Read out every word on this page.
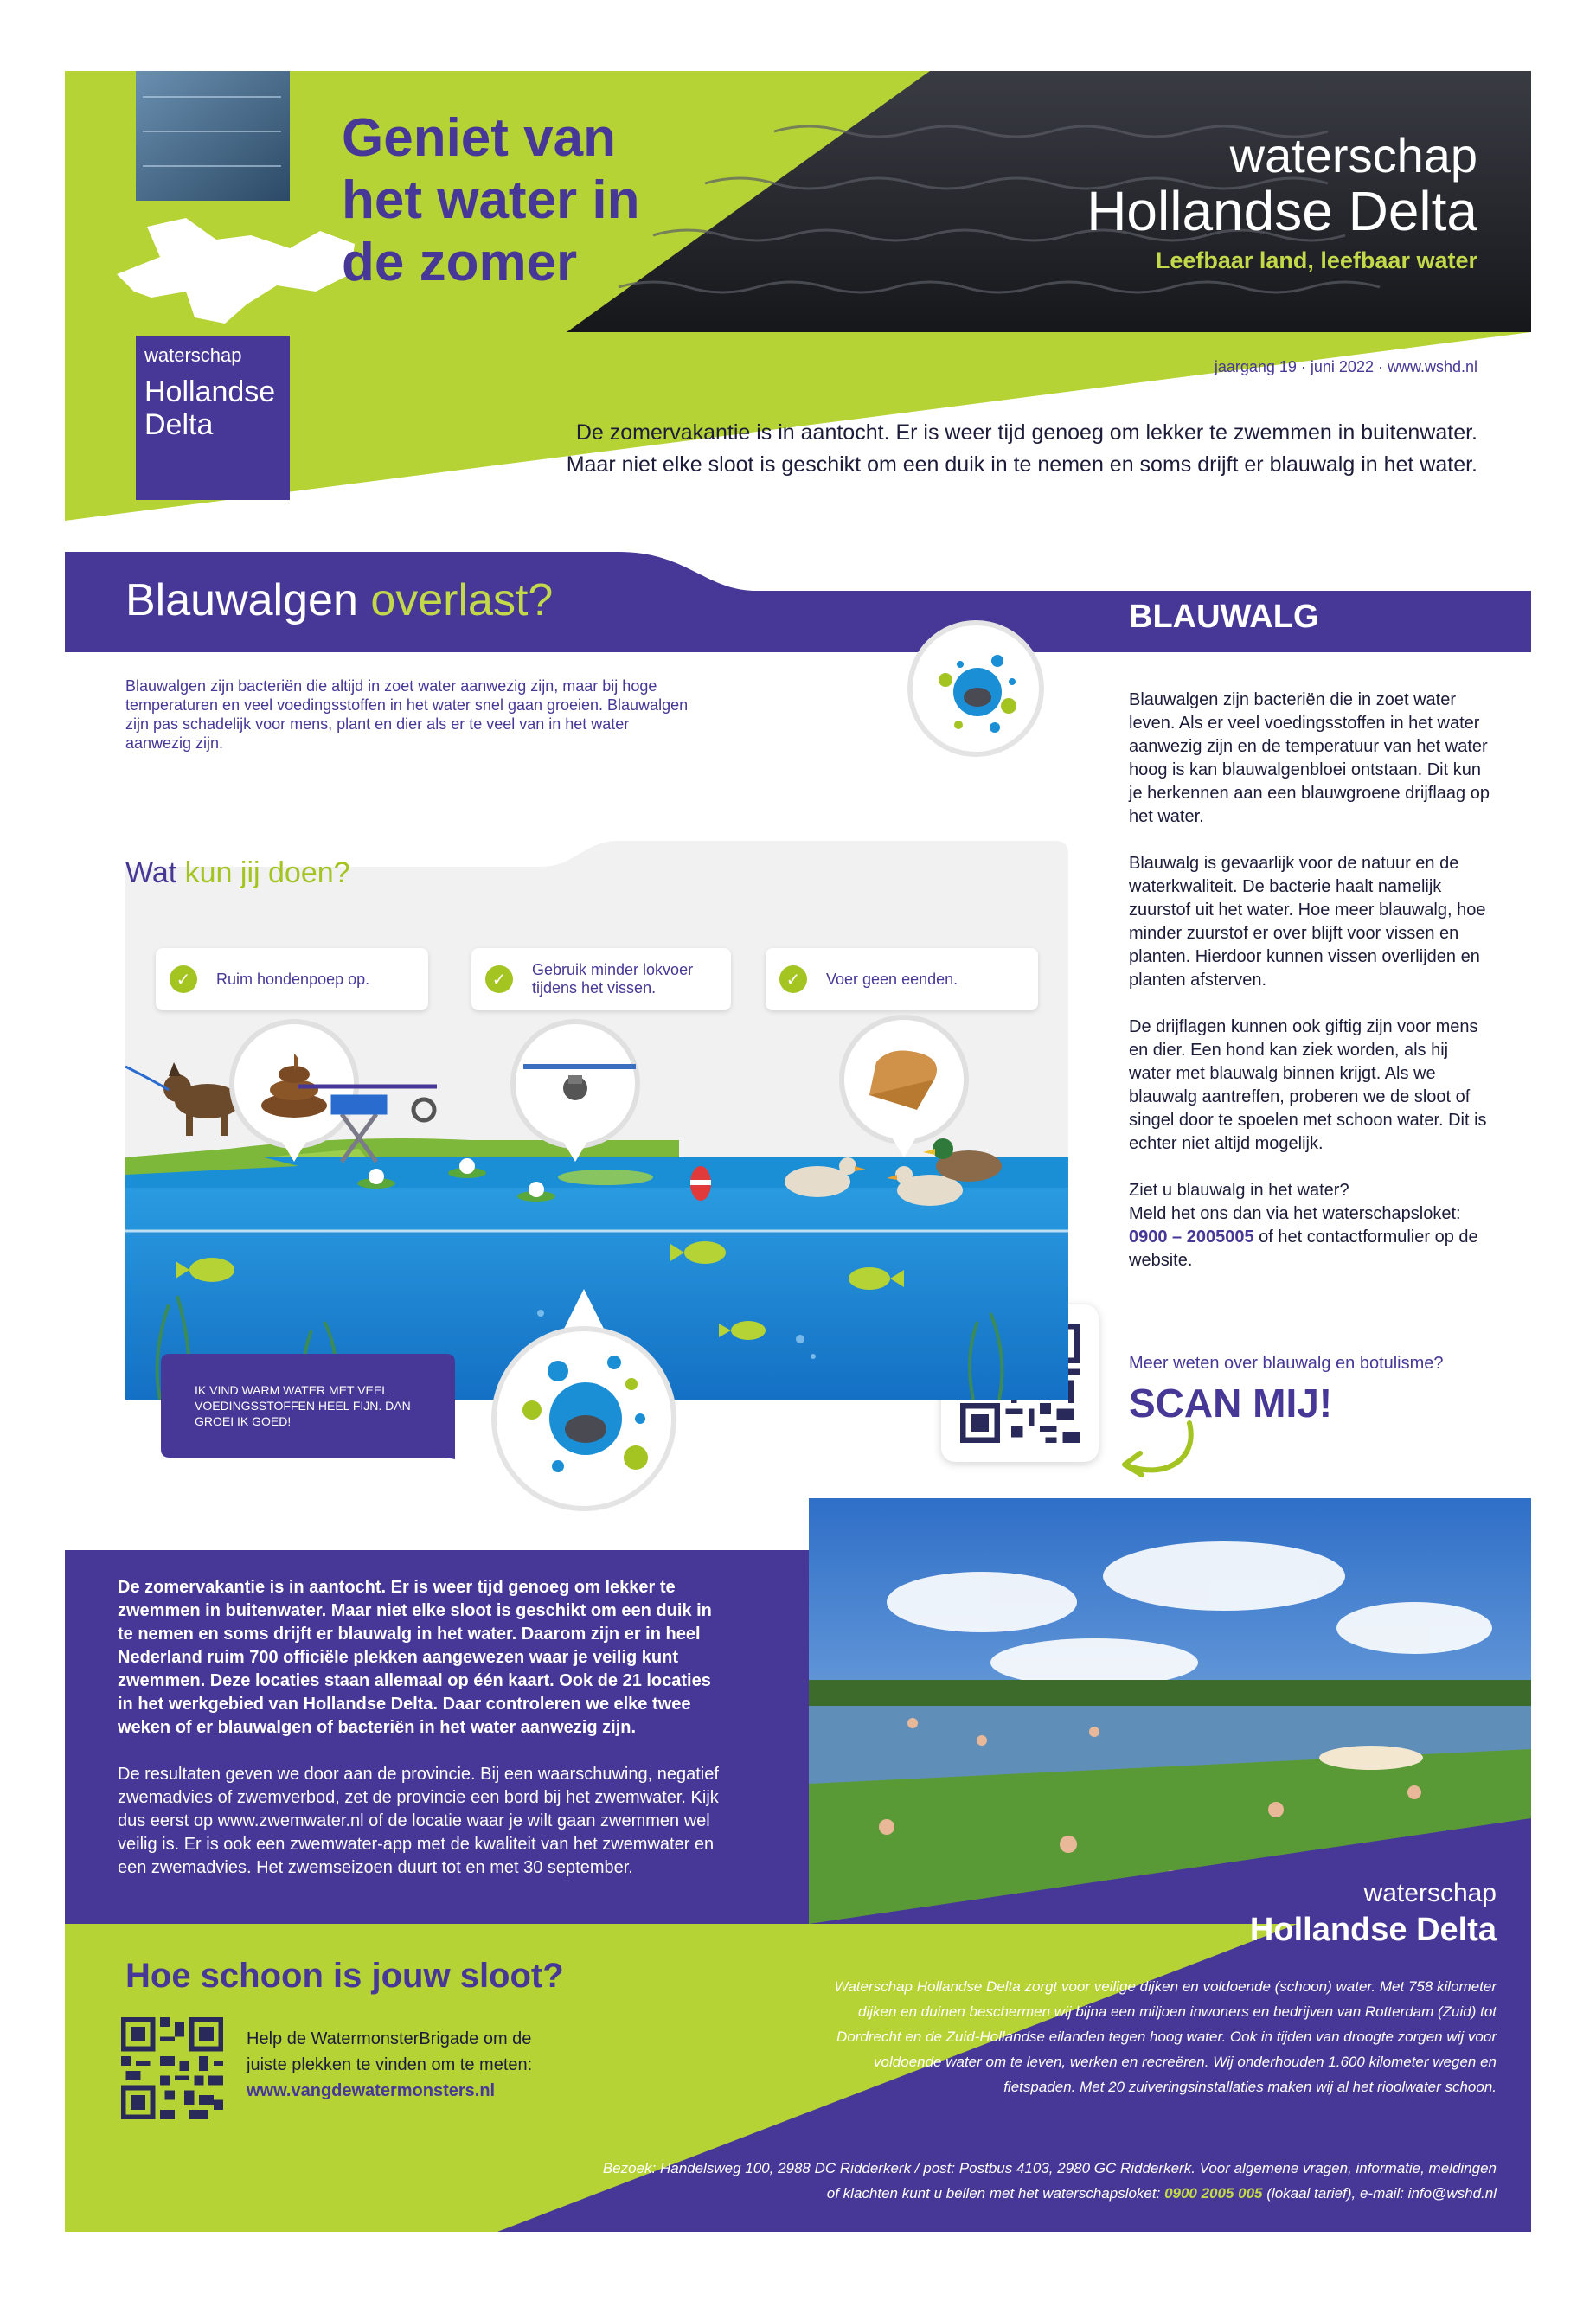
Geniet van
het water in
de zomer
waterschap
Hollandse Delta
Leefbaar land, leefbaar water
waterschap
Hollandse
Delta
jaargang 19 · juni 2022 · www.wshd.nl
De zomervakantie is in aantocht. Er is weer tijd genoeg om lekker te zwemmen in buitenwater.
Maar niet elke sloot is geschikt om een duik in te nemen en soms drijft er blauwalg in het water.
Blauwalgen overlast?	BLAUWALG
Blauwalgen zijn bacteriën die altijd in zoet water aanwezig zijn, maar bij hoge temperaturen en veel voedingsstoffen in het water snel gaan groeien. Blauwalgen zijn pas schadelijk voor mens, plant en dier als er te veel van in het water aanwezig zijn.

Blauwalgen zijn bacteriën die in zoet water leven. Als er veel voedingsstoffen in het water aanwezig zijn en de temperatuur van het water hoog is kan blauwalgenbloei ontstaan. Dit kun je herkennen aan een blauwgroene drijflaag op het water.

Blauwalg is gevaarlijk voor de natuur en de waterkwaliteit. De bacterie haalt namelijk zuurstof uit het water. Hoe meer blauwalg, hoe minder zuurstof er over blijft voor vissen en planten. Hierdoor kunnen vissen overlijden en planten afsterven.

De drijflagen kunnen ook giftig zijn voor mens en dier. Een hond kan ziek worden, als hij water met blauwalg binnen krijgt. Als we blauwalg aantreffen, proberen we de sloot of singel door te spoelen met schoon water. Dit is echter niet altijd mogelijk.

Ziet u blauwalg in het water?
Meld het ons dan via het waterschapsloket:
0900 – 2005005 of het contactformulier op de website.
Meer weten over blauwalg en botulisme?
SCAN MIJ!
Wat kun jij doen?
✓	Ruim hondenpoep op.	✓
Gebruik minder lokvoer tijdens het vissen.	✓	Voer geen eenden.
IK VIND WARM WATER MET VEEL VOEDINGSSTOFFEN HEEL FIJN. DAN GROEI IK GOED!

De zomervakantie is in aantocht. Er is weer tijd genoeg om lekker te zwemmen in buitenwater. Maar niet elke sloot is geschikt om een duik in te nemen en soms drijft er blauwalg in het water. Daarom zijn er in heel Nederland ruim 700 officiële plekken aangewezen waar je veilig kunt zwemmen. Deze locaties staan allemaal op één kaart. Ook de 21 locaties in het werkgebied van Hollandse Delta. Daar controleren we elke twee weken of er blauwalgen of bacteriën in het water aanwezig zijn.

De resultaten geven we door aan de provincie. Bij een waarschuwing, negatief zwemadvies of zwemverbod, zet de provincie een bord bij het zwemwater. Kijk dus eerst op www.zwemwater.nl of de locatie waar je wilt gaan zwemmen wel veilig is. Er is ook een zwemwater-app met de kwaliteit van het zwemwater en een zwemadvies. Het zwemseizoen duurt tot en met 30 september.

Hoe schoon is jouw sloot?
Help de WatermonsterBrigade om de juiste plekken te vinden om te meten:
www.vangdewatermonsters.nl
waterschap
Hollandse Delta
Waterschap Hollandse Delta zorgt voor veilige dijken en voldoende (schoon) water. Met 758 kilometer dijken en duinen beschermen wij bijna een miljoen inwoners en bedrijven van Rotterdam (Zuid) tot Dordrecht en de Zuid-Hollandse eilanden tegen hoog water. Ook in tijden van droogte zorgen wij voor voldoende water om te leven, werken en recreëren. Wij onderhouden 1.600 kilometer wegen en fietspaden. Met 20 zuiveringsinstallaties maken wij al het rioolwater schoon.
Bezoek: Handelsweg 100, 2988 DC Ridderkerk / post: Postbus 4103, 2980 GC Ridderkerk. Voor algemene vragen, informatie, meldingen of klachten kunt u bellen met het waterschapsloket: 0900 2005 005 (lokaal tarief), e-mail: info@wshd.nl
